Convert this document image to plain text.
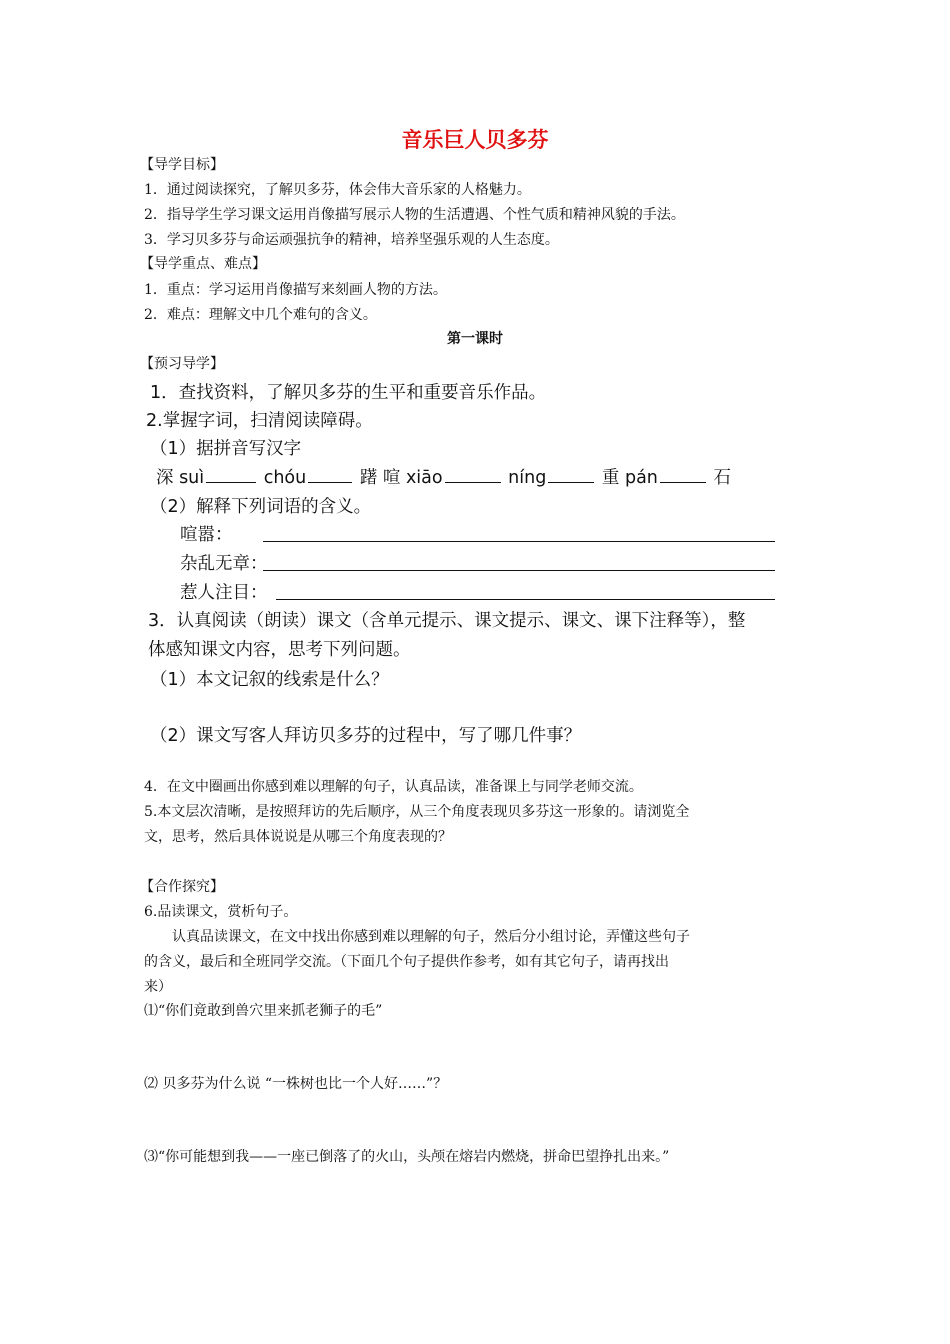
音乐巨人贝多芬
【导学目标】
1．通过阅读探究，了解贝多芬，体会伟大音乐家的人格魅力。
2．指导学生学习课文运用肖像描写展示人物的生活遭遇、个性气质和精神风貌的手法。
3．学习贝多芬与命运顽强抗争的精神，培养坚强乐观的人生态度。
【导学重点、难点】
1．重点：学习运用肖像描写来刻画人物的方法。
2．难点：理解文中几个难句的含义。
第一课时
【预习导学】
1．查找资料，了解贝多芬的生平和重要音乐作品。
2.掌握字词，扫清阅读障碍。
（1）据拼音写汉字
深 suì	chóu	躇 喧 xiāo	níng	重 pán	石
（2）解释下列词语的含义。
喧嚣：
杂乱无章：
惹人注目：
3．认真阅读（朗读）课文（含单元提示、课文提示、课文、课下注释等），整
体感知课文内容，思考下列问题。
（1）本文记叙的线索是什么？
（2）课文写客人拜访贝多芬的过程中，写了哪几件事？
4．在文中圈画出你感到难以理解的句子，认真品读，准备课上与同学老师交流。
5.本文层次清晰，是按照拜访的先后顺序，从三个角度表现贝多芬这一形象的。请浏览全
文，思考，然后具体说说是从哪三个角度表现的？
【合作探究】
6.品读课文，赏析句子。
认真品读课文，在文中找出你感到难以理解的句子，然后分小组讨论，弄懂这些句子
的含义，最后和全班同学交流。（下面几个句子提供作参考，如有其它句子，请再找出
来）
⑴“你们竟敢到兽穴里来抓老狮子的毛”
⑵ 贝多芬为什么说 “一株树也比一个人好……”？
⑶“你可能想到我——一座已倒落了的火山，头颅在熔岩内燃烧，拼命巴望挣扎出来。”
